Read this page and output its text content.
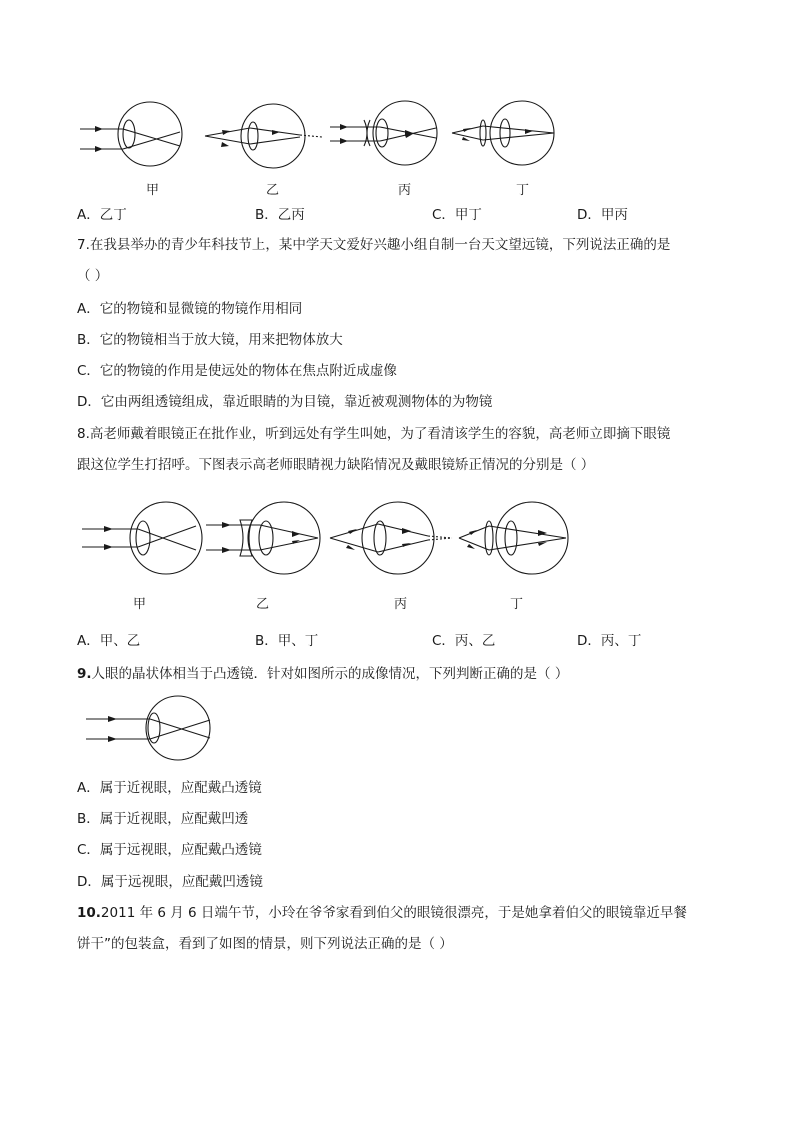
甲	乙	丙	丁
A．乙丁	B．乙丙	C．甲丁	D．甲丙
7.在我县举办的青少年科技节上，某中学天文爱好兴趣小组自制一台天文望远镜，下列说法正确的是
（ ）
A．它的物镜和显微镜的物镜作用相同
B．它的物镜相当于放大镜，用来把物体放大
C．它的物镜的作用是使远处的物体在焦点附近成虚像
D．它由两组透镜组成，靠近眼睛的为目镜，靠近被观测物体的为物镜
8.高老师戴着眼镜正在批作业，听到远处有学生叫她，为了看清该学生的容貌，高老师立即摘下眼镜
跟这位学生打招呼。下图表示高老师眼睛视力缺陷情况及戴眼镜矫正情况的分别是（ ）
甲	乙	丙	丁
A．甲、乙	B．甲、丁	C．丙、乙	D．丙、丁
9.人眼的晶状体相当于凸透镜．针对如图所示的成像情况，下列判断正确的是（ ）
A．属于近视眼，应配戴凸透镜
B．属于近视眼，应配戴凹透
C．属于远视眼，应配戴凸透镜
D．属于远视眼，应配戴凹透镜
10.2011 年 6 月 6 日端午节，小玲在爷爷家看到伯父的眼镜很漂亮，于是她拿着伯父的眼镜靠近早餐
饼干”的包装盒，看到了如图的情景，则下列说法正确的是（ ）
